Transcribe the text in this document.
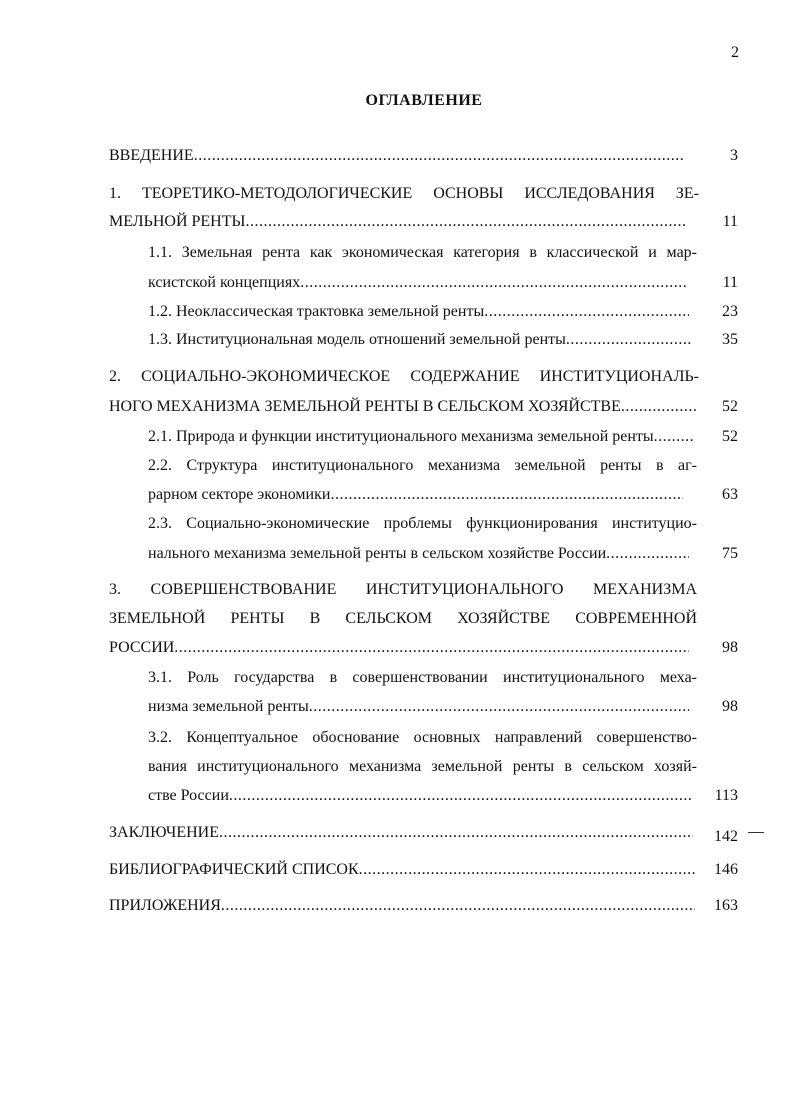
2
ОГЛАВЛЕНИЕ
ВВЕДЕНИЕ .....	3
1. ТЕОРЕТИКО-МЕТОДОЛОГИЧЕСКИЕ ОСНОВЫ ИССЛЕДОВАНИЯ ЗЕ-
МЕЛЬНОЙ РЕНТЫ .....	11
1.1. Земельная рента как экономическая категория в классической и мар-
ксистской концепциях .....	11
1.2. Неоклассическая трактовка земельной ренты .....	23
1.3. Институциональная модель отношений земельной ренты .....	35
2. СОЦИАЛЬНО-ЭКОНОМИЧЕСКОЕ СОДЕРЖАНИЕ ИНСТИТУЦИОНАЛЬ-
НОГО МЕХАНИЗМА ЗЕМЕЛЬНОЙ РЕНТЫ В СЕЛЬСКОМ ХОЗЯЙСТВЕ .....	52
2.1. Природа и функции институционального механизма земельной ренты .....	52
2.2. Структура институционального механизма земельной ренты в аг-
рарном секторе экономики .....	63
2.3. Социально-экономические проблемы функционирования институцио-
нального механизма земельной ренты в сельском хозяйстве России .....	75
3. СОВЕРШЕНСТВОВАНИЕ ИНСТИТУЦИОНАЛЬНОГО МЕХАНИЗМА
ЗЕМЕЛЬНОЙ РЕНТЫ В СЕЛЬСКОМ ХОЗЯЙСТВЕ СОВРЕМЕННОЙ
РОССИИ .....	98
3.1. Роль государства в совершенствовании институционального меха-
низма земельной ренты .....	98
3.2. Концептуальное обоснование основных направлений совершенство-
вания институционального механизма земельной ренты в сельском хозяй-
стве России .....	113
ЗАКЛЮЧЕНИЕ .....	142
БИБЛИОГРАФИЧЕСКИЙ СПИСОК .....	146
ПРИЛОЖЕНИЯ .....	163
